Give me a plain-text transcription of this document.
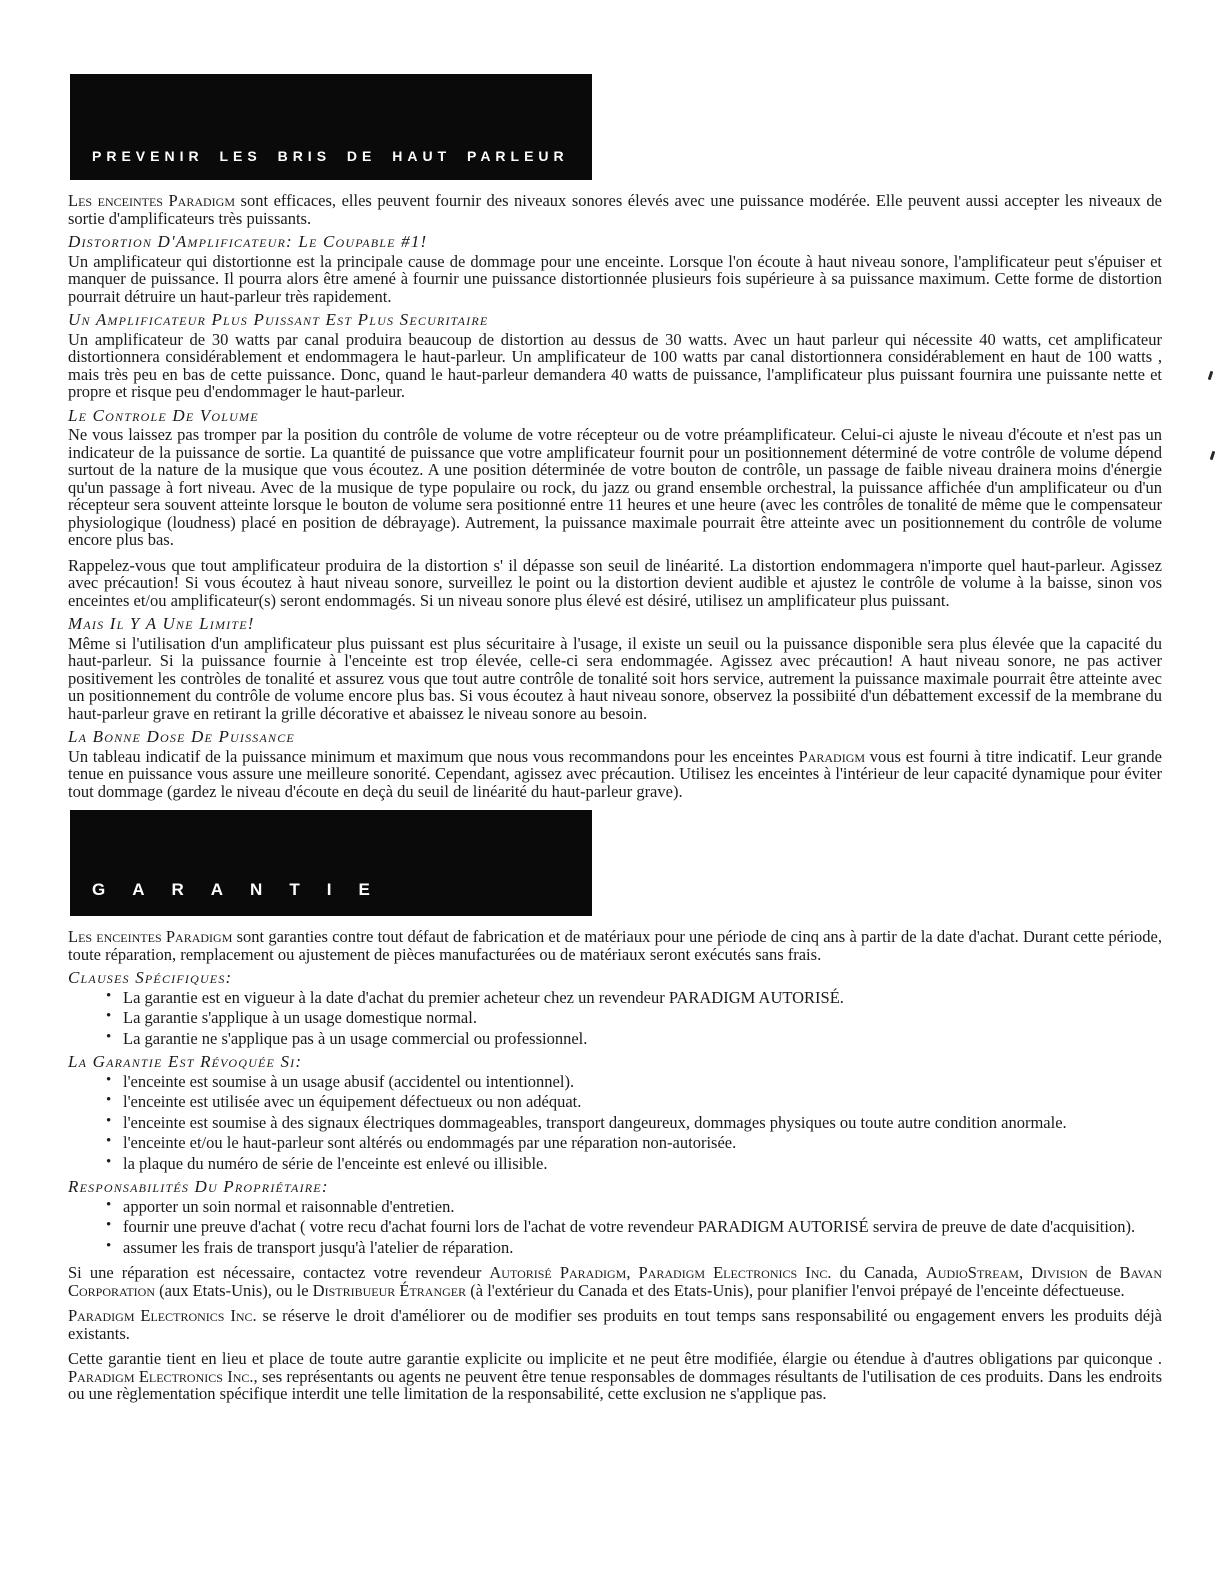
PREVENIR LES BRIS DE HAUT PARLEUR

Les enceintes Paradigm sont efficaces, elles peuvent fournir des niveaux sonores élevés avec une puissance modérée. Elle peuvent aussi accepter les niveaux de sortie d'amplificateurs très puissants.

Distortion D'Amplificateur: Le Coupable #1!

Un amplificateur qui distortionne est la principale cause de dommage pour une enceinte. Lorsque l'on écoute à haut niveau sonore, l'amplificateur peut s'épuiser et manquer de puissance. Il pourra alors être amené à fournir une puissance distortionnée plusieurs fois supérieure à sa puissance maximum. Cette forme de distortion pourrait détruire un haut-parleur très rapidement.

Un Amplificateur Plus Puissant Est Plus Securitaire

Un amplificateur de 30 watts par canal produira beaucoup de distortion au dessus de 30 watts. Avec un haut parleur qui nécessite 40 watts, cet amplificateur distortionnera considérablement et endommagera le haut-parleur. Un amplificateur de 100 watts par canal distortionnera considérablement en haut de 100 watts , mais très peu en bas de cette puissance. Donc, quand le haut-parleur demandera 40 watts de puissance, l'amplificateur plus puissant fournira une puissante nette et propre et risque peu d'endommager le haut-parleur.

Le Controle De Volume

Ne vous laissez pas tromper par la position du contrôle de volume de votre récepteur ou de votre préamplificateur. Celui-ci ajuste le niveau d'écoute et n'est pas un indicateur de la puissance de sortie. La quantité de puissance que votre amplificateur fournit pour un positionnement déterminé de votre contrôle de volume dépend surtout de la nature de la musique que vous écoutez. A une position déterminée de votre bouton de contrôle, un passage de faible niveau drainera moins d'énergie qu'un passage à fort niveau. Avec de la musique de type populaire ou rock, du jazz ou grand ensemble orchestral, la puissance affichée d'un amplificateur ou d'un récepteur sera souvent atteinte lorsque le bouton de volume sera positionné entre 11 heures et une heure (avec les contrôles de tonalité de même que le compensateur physiologique (loudness) placé en position de débrayage). Autrement, la puissance maximale pourrait être atteinte avec un positionnement du contrôle de volume encore plus bas.

Rappelez-vous que tout amplificateur produira de la distortion s' il dépasse son seuil de linéarité. La distortion endommagera n'importe quel haut-parleur. Agissez avec précaution! Si vous écoutez à haut niveau sonore, surveillez le point ou la distortion devient audible et ajustez le contrôle de volume à la baisse, sinon vos enceintes et/ou amplificateur(s) seront endommagés. Si un niveau sonore plus élevé est désiré, utilisez un amplificateur plus puissant.

Mais Il Y A Une Limite!

Même si l'utilisation d'un amplificateur plus puissant est plus sécuritaire à l'usage, il existe un seuil ou la puissance disponible sera plus élevée que la capacité du haut-parleur. Si la puissance fournie à l'enceinte est trop élevée, celle-ci sera endommagée. Agissez avec précaution! A haut niveau sonore, ne pas activer positivement les contròles de tonalité et assurez vous que tout autre contrôle de tonalité soit hors service, autrement la puissance maximale pourrait être atteinte avec un positionnement du contrôle de volume encore plus bas. Si vous écoutez à haut niveau sonore, observez la possibiité d'un débattement excessif de la membrane du haut-parleur grave en retirant la grille décorative et abaissez le niveau sonore au besoin.

La Bonne Dose De Puissance

Un tableau indicatif de la puissance minimum et maximum que nous vous recommandons pour les enceintes Paradigm vous est fourni à titre indicatif. Leur grande tenue en puissance vous assure une meilleure sonorité. Cependant, agissez avec précaution. Utilisez les enceintes à l'intérieur de leur capacité dynamique pour éviter tout dommage (gardez le niveau d'écoute en deçà du seuil de linéarité du haut-parleur grave).

GARANTIE

Les enceintes Paradigm sont garanties contre tout défaut de fabrication et de matériaux pour une période de cinq ans à partir de la date d'achat. Durant cette période, toute réparation, remplacement ou ajustement de pièces manufacturées ou de matériaux seront exécutés sans frais.

Clauses Spécifiques:
• La garantie est en vigueur à la date d'achat du premier acheteur chez un revendeur PARADIGM AUTORISÉ.
• La garantie s'applique à un usage domestique normal.
• La garantie ne s'applique pas à un usage commercial ou professionnel.
La Garantie Est Révoquée Si:
• l'enceinte est soumise à un usage abusif (accidentel ou intentionnel).
• l'enceinte est utilisée avec un équipement défectueux ou non adéquat.
• l'enceinte est soumise à des signaux électriques dommageables, transport dangeureux, dommages physiques ou toute autre condition anormale.
• l'enceinte et/ou le haut-parleur sont altérés ou endommagés par une réparation non-autorisée.
• la plaque du numéro de série de l'enceinte est enlevé ou illisible.
Responsabilités Du Propriétaire:
• apporter un soin normal et raisonnable d'entretien.
• fournir une preuve d'achat ( votre recu d'achat fourni lors de l'achat de votre revendeur PARADIGM AUTORISÉ servira de preuve de date d'acquisition).
• assumer les frais de transport jusqu'à l'atelier de réparation.

Si une réparation est nécessaire, contactez votre revendeur Autorisé Paradigm, Paradigm Electronics Inc. du Canada, AudioStream, Division de Bavan Corporation (aux Etats-Unis), ou le Distribueur Étranger (à l'extérieur du Canada et des Etats-Unis), pour planifier l'envoi prépayé de l'enceinte défectueuse.

Paradigm Electronics Inc. se réserve le droit d'améliorer ou de modifier ses produits en tout temps sans responsabilité ou engagement envers les produits déjà existants.

Cette garantie tient en lieu et place de toute autre garantie explicite ou implicite et ne peut être modifiée, élargie ou étendue à d'autres obligations par quiconque . Paradigm Electronics Inc., ses représentants ou agents ne peuvent être tenue responsables de dommages résultants de l'utilisation de ces produits. Dans les endroits ou une règlementation spécifique interdit une telle limitation de la responsabilité, cette exclusion ne s'applique pas.
